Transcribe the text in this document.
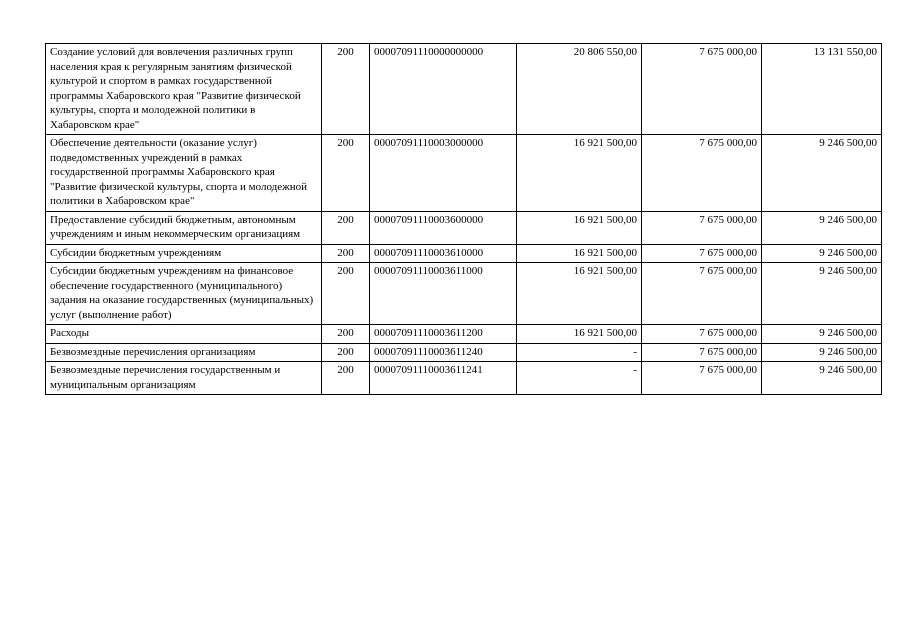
Создание условий для вовлечения различных групп населения края к регулярным занятиям физической культурой и спортом в рамках государственной программы Хабаровского края "Развитие физической культуры, спорта и молодежной политики в Хабаровском крае"	200	00007091110000000000	20 806 550,00	7 675 000,00	13 131 550,00
Обеспечение деятельности (оказание услуг) подведомственных учреждений в рамках государственной программы Хабаровского края "Развитие физической культуры, спорта и молодежной политики в Хабаровском крае"	200	00007091110003000000	16 921 500,00	7 675 000,00	9 246 500,00
Предоставление субсидий бюджетным, автономным учреждениям и иным некоммерческим организациям	200	00007091110003600000	16 921 500,00	7 675 000,00	9 246 500,00
Субсидии бюджетным учреждениям	200	00007091110003610000	16 921 500,00	7 675 000,00	9 246 500,00
Субсидии бюджетным учреждениям на финансовое обеспечение государственного (муниципального) задания на оказание государственных (муниципальных) услуг (выполнение работ)	200	00007091110003611000	16 921 500,00	7 675 000,00	9 246 500,00
Расходы	200	00007091110003611200	16 921 500,00	7 675 000,00	9 246 500,00
Безвозмездные перечисления организациям	200	00007091110003611240	-	7 675 000,00	9 246 500,00
Безвозмездные перечисления государственным и муниципальным организациям	200	00007091110003611241	-	7 675 000,00	9 246 500,00
